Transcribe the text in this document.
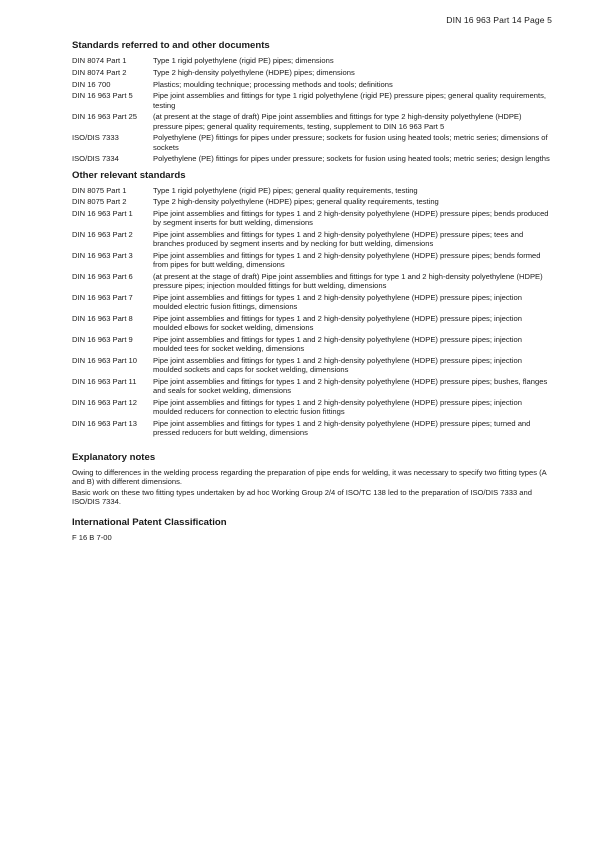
DIN 16 963 Part 14 Page 5
Standards referred to and other documents
DIN 8074 Part 1	Type 1 rigid polyethylene (rigid PE) pipes; dimensions
DIN 8074 Part 2	Type 2 high-density polyethylene (HDPE) pipes; dimensions
DIN 16 700	Plastics; moulding technique; processing methods and tools; definitions
DIN 16 963 Part 5	Pipe joint assemblies and fittings for type 1 rigid polyethylene (rigid PE) pressure pipes; general quality requirements, testing
DIN 16 963 Part 25	(at present at the stage of draft) Pipe joint assemblies and fittings for type 2 high-density polyethylene (HDPE) pressure pipes; general quality requirements, testing, supplement to DIN 16 963 Part 5
ISO/DIS 7333	Polyethylene (PE) fittings for pipes under pressure; sockets for fusion using heated tools; metric series; dimensions of sockets
ISO/DIS 7334	Polyethylene (PE) fittings for pipes under pressure; sockets for fusion using heated tools; metric series; design lengths
Other relevant standards
DIN 8075 Part 1	Type 1 rigid polyethylene (rigid PE) pipes; general quality requirements, testing
DIN 8075 Part 2	Type 2 high-density polyethylene (HDPE) pipes; general quality requirements, testing
DIN 16 963 Part 1	Pipe joint assemblies and fittings for types 1 and 2 high-density polyethylene (HDPE) pressure pipes; bends produced by segment inserts for butt welding, dimensions
DIN 16 963 Part 2	Pipe joint assemblies and fittings for types 1 and 2 high-density polyethylene (HDPE) pressure pipes; tees and branches produced by segment inserts and by necking for butt welding, dimensions
DIN 16 963 Part 3	Pipe joint assemblies and fittings for types 1 and 2 high-density polyethylene (HDPE) pressure pipes; bends formed from pipes for butt welding, dimensions
DIN 16 963 Part 6	(at present at the stage of draft) Pipe joint assemblies and fittings for type 1 and 2 high-density polyethylene (HDPE) pressure pipes; injection moulded fittings for butt welding, dimensions
DIN 16 963 Part 7	Pipe joint assemblies and fittings for types 1 and 2 high-density polyethylene (HDPE) pressure pipes; injection moulded electric fusion fittings, dimensions
DIN 16 963 Part 8	Pipe joint assemblies and fittings for types 1 and 2 high-density polyethylene (HDPE) pressure pipes; injection moulded elbows for socket welding, dimensions
DIN 16 963 Part 9	Pipe joint assemblies and fittings for types 1 and 2 high-density polyethylene (HDPE) pressure pipes; injection moulded tees for socket welding, dimensions
DIN 16 963 Part 10	Pipe joint assemblies and fittings for types 1 and 2 high-density polyethylene (HDPE) pressure pipes; injection moulded sockets and caps for socket welding, dimensions
DIN 16 963 Part 11	Pipe joint assemblies and fittings for types 1 and 2 high-density polyethylene (HDPE) pressure pipes; bushes, flanges and seals for socket welding, dimensions
DIN 16 963 Part 12	Pipe joint assemblies and fittings for types 1 and 2 high-density polyethylene (HDPE) pressure pipes; injection moulded reducers for connection to electric fusion fittings
DIN 16 963 Part 13	Pipe joint assemblies and fittings for types 1 and 2 high-density polyethylene (HDPE) pressure pipes; turned and pressed reducers for butt welding, dimensions
Explanatory notes

Owing to differences in the welding process regarding the preparation of pipe ends for welding, it was necessary to specify two fitting types (A and B) with different dimensions.

Basic work on these two fitting types undertaken by ad hoc Working Group 2/4 of ISO/TC 138 led to the preparation of ISO/DIS 7333 and ISO/DIS 7334.

International Patent Classification

F 16 B 7-00
